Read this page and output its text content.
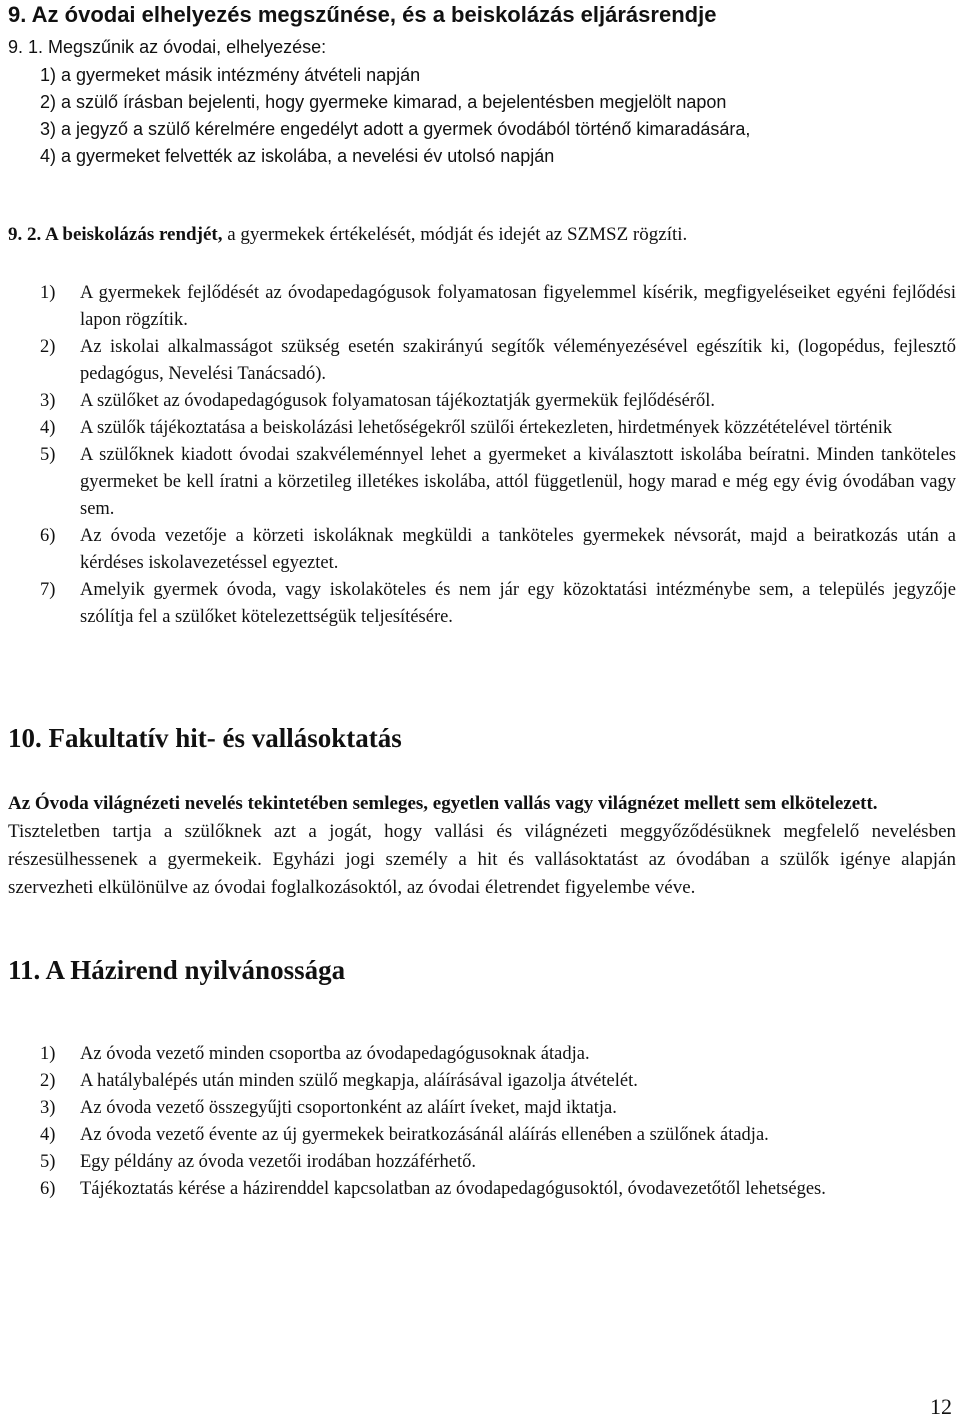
9. Az óvodai elhelyezés megszűnése, és a beiskolázás eljárásrendje
9. 1. Megszűnik az óvodai, elhelyezése:
1) a gyermeket másik intézmény átvételi napján
2) a szülő írásban bejelenti, hogy gyermeke kimarad, a bejelentésben megjelölt napon
3) a jegyző a szülő kérelmére engedélyt adott a gyermek óvodából történő kimaradására,
4) a gyermeket felvették az iskolába, a nevelési év utolsó napján
9. 2. A beiskolázás rendjét, a gyermekek értékelését, módját és idejét az SZMSZ rögzíti.
1)	A gyermekek fejlődését az óvodapedagógusok folyamatosan figyelemmel kísérik, megfigyeléseiket egyéni fejlődési lapon rögzítik.
2)	Az iskolai alkalmasságot szükség esetén szakirányú segítők véleményezésével egészítik ki, (logopédus, fejlesztő pedagógus, Nevelési Tanácsadó).
3)	A szülőket az óvodapedagógusok folyamatosan tájékoztatják gyermekük fejlődéséről.
4)	A szülők tájékoztatása a beiskolázási lehetőségekről szülői értekezleten, hirdetmények közzétételével történik
5)	A szülőknek kiadott óvodai szakvéleménnyel lehet a gyermeket a kiválasztott iskolába beíratni. Minden tanköteles gyermeket be kell íratni a körzetileg illetékes iskolába, attól függetlenül, hogy marad e még egy évig óvodában vagy sem.
6)	Az óvoda vezetője a körzeti iskoláknak megküldi a tanköteles gyermekek névsorát, majd a beiratkozás után a kérdéses iskolavezetéssel egyeztet.
7)	Amelyik gyermek óvoda, vagy iskolaköteles és nem jár egy közoktatási intézménybe sem, a település jegyzője szólítja fel a szülőket kötelezettségük teljesítésére.
10. Fakultatív hit- és vallásoktatás
Az Óvoda világnézeti nevelés tekintetében semleges, egyetlen vallás vagy világnézet mellett sem elkötelezett.
Tiszteletben tartja a szülőknek azt a jogát, hogy vallási és világnézeti meggyőződésüknek megfelelő nevelésben részesülhessenek a gyermekeik. Egyházi jogi személy a hit és vallásoktatást az óvodában a szülők igénye alapján szervezheti elkülönülve az óvodai foglalkozásoktól, az óvodai életrendet figyelembe véve.
11. A Házirend nyilvánossága
1)	Az óvoda vezető minden csoportba az óvodapedagógusoknak átadja.
2)	A hatálybalépés után minden szülő megkapja, aláírásával igazolja átvételét.
3)	Az óvoda vezető összegyűjti csoportonként az aláírt íveket, majd iktatja.
4)	Az óvoda vezető évente az új gyermekek beiratkozásánál aláírás ellenében a szülőnek átadja.
5)	Egy példány az óvoda vezetői irodában hozzáférhető.
6)	Tájékoztatás kérése a házirenddel kapcsolatban az óvodapedagógusoktól, óvodavezetőtől lehetséges.
12
